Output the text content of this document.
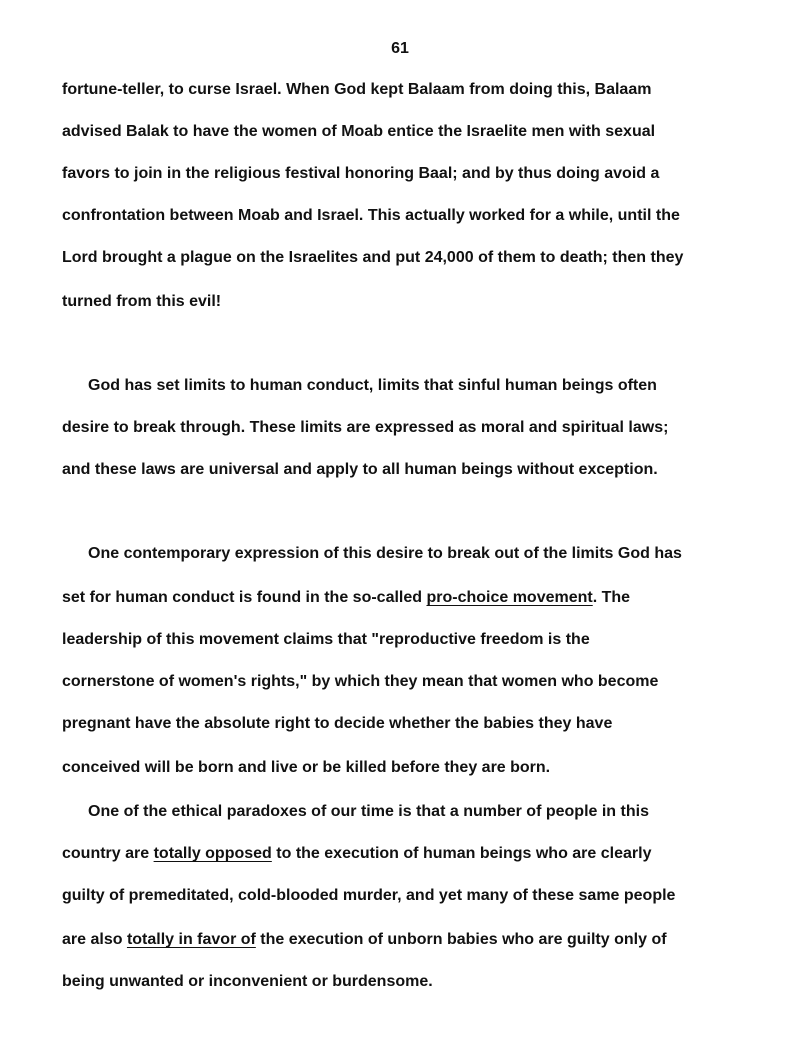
61
fortune-teller, to curse Israel. When God kept Balaam from doing this, Balaam
advised Balak to have the women of Moab entice the Israelite men with sexual
favors to join in the religious festival honoring Baal; and by thus doing avoid a
confrontation between Moab and Israel. This actually worked for a while, until the
Lord brought a plague on the Israelites and put 24,000 of them to death; then they
turned from this evil!
God has set limits to human conduct, limits that sinful human beings often
desire to break through. These limits are expressed as moral and spiritual laws;
and these laws are universal and apply to all human beings without exception.
One contemporary expression of this desire to break out of the limits God has
set for human conduct is found in the so-called pro-choice movement. The
leadership of this movement claims that "reproductive freedom is the
cornerstone of women's rights," by which they mean that women who become
pregnant have the absolute right to decide whether the babies they have
conceived will be born and live or be killed before they are born.
One of the ethical paradoxes of our time is that a number of people in this
country are totally opposed to the execution of human beings who are clearly
guilty of premeditated, cold-blooded murder, and yet many of these same people
are also totally in favor of the execution of unborn babies who are guilty only of
being unwanted or inconvenient or burdensome.
